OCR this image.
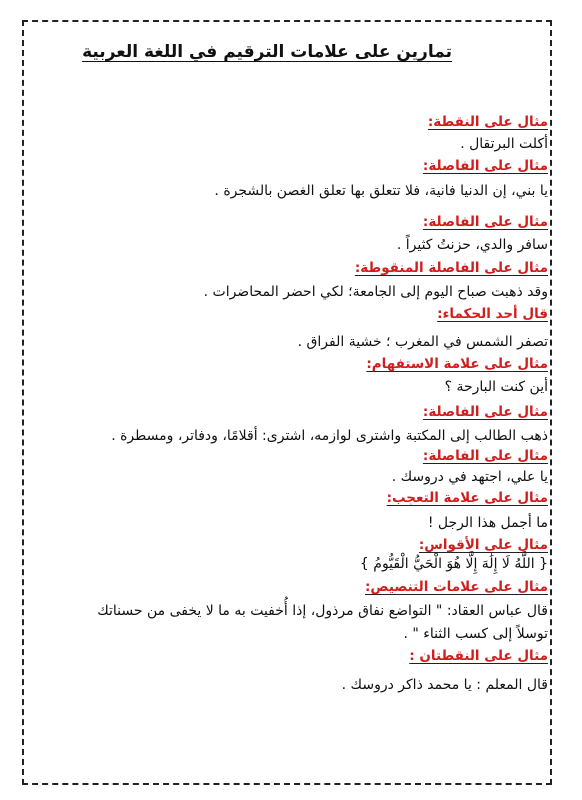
تمارين على علامات الترقيم في اللغة العربية
مثال على النقطة:
أكلت البرتقال .
مثال على الفاصلة:
يا بني، إن الدنيا فانية، فلا تتعلق بها تعلق الغصن بالشجرة .
مثال على الفاصلة:
سافر والدي، حزنتُ كثيراً .
مثال على الفاصلة المنقوطة:
وقد ذهبت صباح اليوم إلى الجامعة؛ لكي احضر المحاضرات .
قال أحد الحكماء:
تصفر الشمس في المغرب ؛ خشية الفراق .
مثال على علامة الاستفهام:
أين كنت البارحة ؟
مثال على الفاصلة:
ذهب الطالب إلى المكتبة واشترى لوازمه، اشترى: أقلامًا، ودفاتر، ومسطرة .
مثال على الفاصلة:
يا علي، اجتهد في دروسك .
مثال على علامة التعجب:
ما أجمل هذا الرجل !
مثال على الأقواس:
{ اللَّهُ لَا إِلَٰهَ إِلَّا هُوَ الْحَيُّ الْقَيُّومُ }
مثال على علامات التنصيص:
قال عباس العقاد: " التواضع نفاق مرذول، إذا أُخفيت به ما لا يخفى من حسناتك
توسلاً إلى كسب الثناء " .
مثال على النقطتان :
قال المعلم : يا محمد ذاكر دروسك .
